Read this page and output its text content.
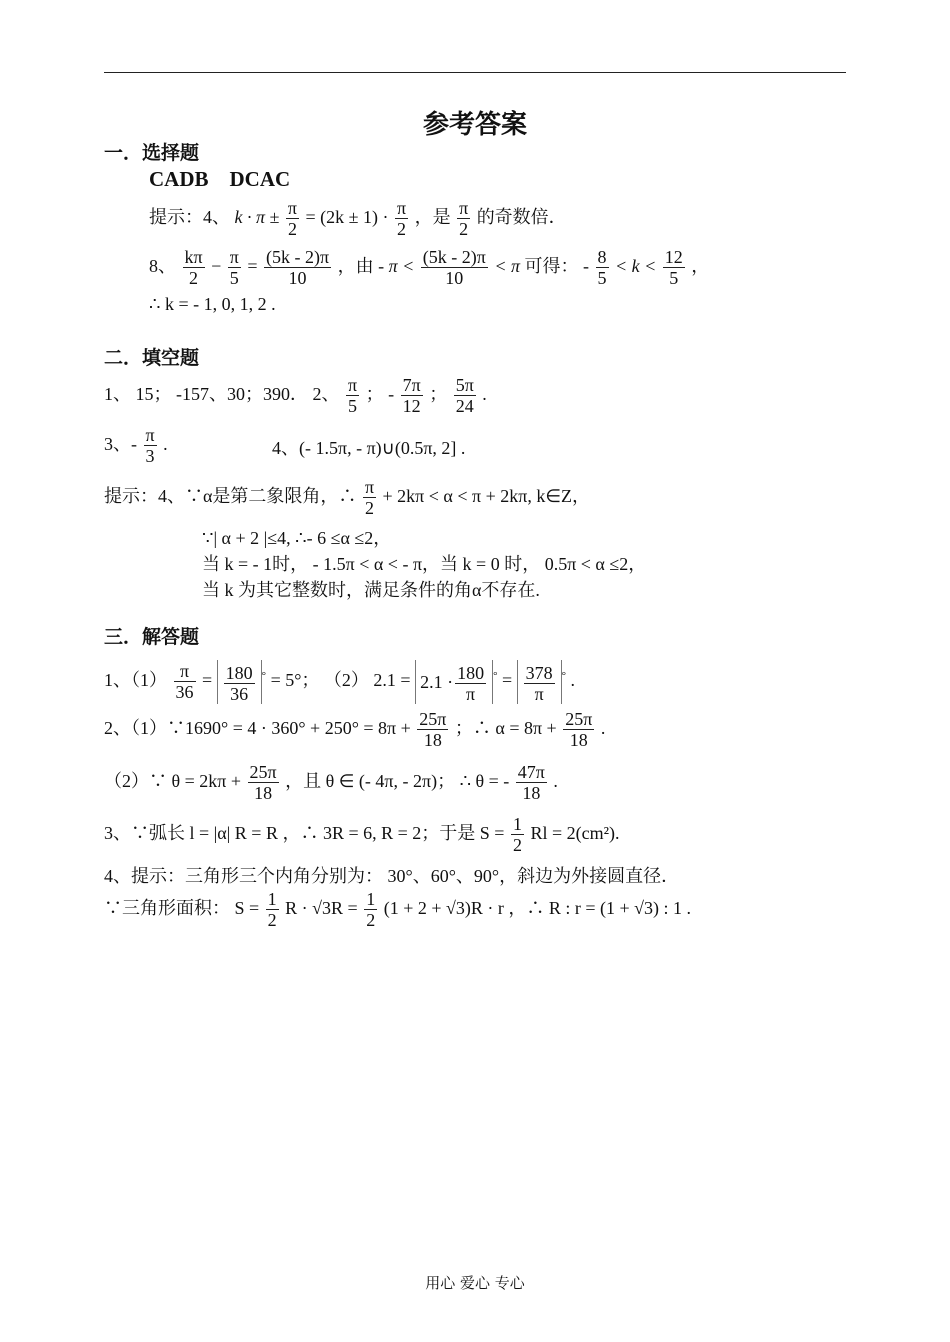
参考答案
一．选择题
CADB　DCAC
提示：4、 $k \cdot \pi \pm \frac{\pi}{2} = (2k \pm 1) \cdot \frac{\pi}{2}$ ，是 $\frac{\pi}{2}$ 的奇数倍．
8、 $\frac{k\pi}{2} - \frac{\pi}{5} = \frac{(5k - 2)\pi}{10}$ ，由 - $\pi < \frac{(5k - 2)\pi}{10} < \pi$ 可得： - $\frac{8}{5} < k < \frac{12}{5}$ ，
∴ k = - 1, 0, 1, 2 .
二．填空题
1、 15； -157、30；390． 2、 $\frac{\pi}{5}$ ； - $\frac{7\pi}{12}$ ； $\frac{5\pi}{24}$ .
3、- $\frac{\pi}{3}$ .	4、(- 1.5π, - π)∪(0.5π, 2] .
提示：4、∵α是第二象限角，∴ $\frac{\pi}{2} + 2k\pi < \alpha < \pi + 2k\pi$, k∈Z，
∵| α + 2 |≤4, ∴- 6 ≤α ≤2，
当 k = - 1时， - 1.5π < α < - π，当 k = 0 时， 0.5π < α ≤2，
当 k 为其它整数时，满足条件的角α不存在.
三．解答题
1、$(1) \frac{\pi}{36} = \frac{180}{36} ^\circ = 5^\circ$； （2） $2.1 = 2.1 \cdot \frac{180}{\pi} ^\circ = \frac{378}{\pi} ^\circ$ .
2、（1）∵1690° = $4 \cdot 360^\circ + 250^\circ = 8\pi + \frac{25\pi}{18}$ ；∴ $\alpha = 8\pi + \frac{25\pi}{18}$ .
（2）∵ $\theta = 2k\pi + \frac{25\pi}{18}$ ，且 θ ∈ (- 4π, - 2π)； ∴ θ = - $\frac{47\pi}{18}$ .
3、∵弧长 l = |α| R = R ，∴ 3R = 6, R = 2；于是 $S = \frac{1}{2}$ Rl = 2(cm²).
4、提示：三角形三个内角分别为： 30°、60°、90°，斜边为外接圆直径．
∵三角形面积： $S = \frac{1}{2}$ $R \cdot √3R = \frac{1}{2} (1 + 2 + √3)R \cdot r$ ，∴ R : r = (1 + √3) : 1 .
用心 爱心 专心
